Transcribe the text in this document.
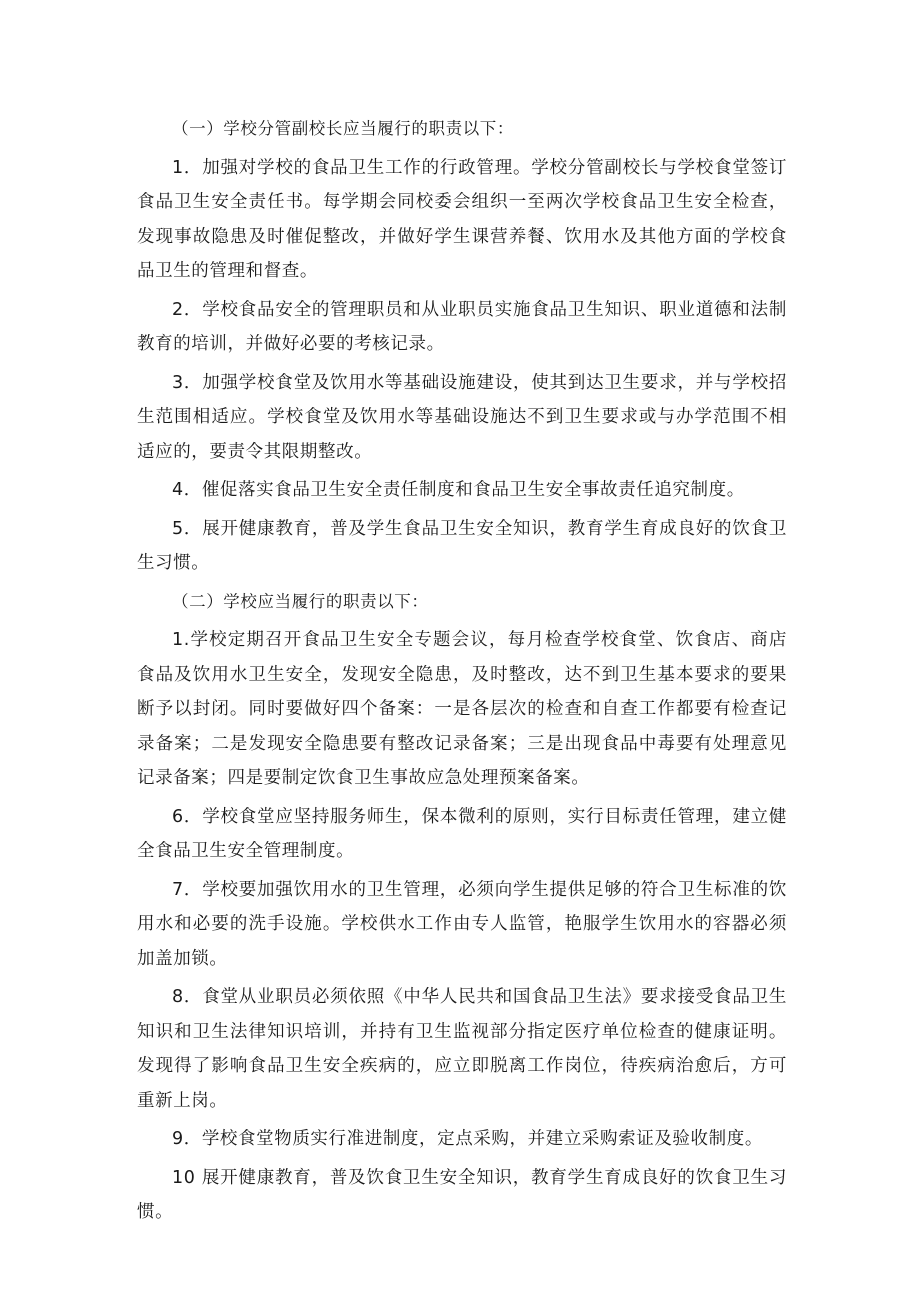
（一）学校分管副校长应当履行的职责以下：

1．加强对学校的食品卫生工作的行政管理。学校分管副校长与学校食堂签订食品卫生安全责任书。每学期会同校委会组织一至两次学校食品卫生安全检查，发现事故隐患及时催促整改，并做好学生课营养餐、饮用水及其他方面的学校食品卫生的管理和督查。

2．学校食品安全的管理职员和从业职员实施食品卫生知识、职业道德和法制教育的培训，并做好必要的考核记录。

3．加强学校食堂及饮用水等基础设施建设，使其到达卫生要求，并与学校招生范围相适应。学校食堂及饮用水等基础设施达不到卫生要求或与办学范围不相适应的，要责令其限期整改。

4．催促落实食品卫生安全责任制度和食品卫生安全事故责任追究制度。

5．展开健康教育，普及学生食品卫生安全知识，教育学生育成良好的饮食卫生习惯。

（二）学校应当履行的职责以下：

1.学校定期召开食品卫生安全专题会议，每月检查学校食堂、饮食店、商店食品及饮用水卫生安全，发现安全隐患，及时整改，达不到卫生基本要求的要果断予以封闭。同时要做好四个备案：一是各层次的检查和自查工作都要有检查记录备案；二是发现安全隐患要有整改记录备案；三是出现食品中毒要有处理意见记录备案；四是要制定饮食卫生事故应急处理预案备案。

6．学校食堂应坚持服务师生，保本微利的原则，实行目标责任管理，建立健全食品卫生安全管理制度。

7．学校要加强饮用水的卫生管理，必须向学生提供足够的符合卫生标准的饮用水和必要的洗手设施。学校供水工作由专人监管，艳服学生饮用水的容器必须加盖加锁。

8．食堂从业职员必须依照《中华人民共和国食品卫生法》要求接受食品卫生知识和卫生法律知识培训，并持有卫生监视部分指定医疗单位检查的健康证明。发现得了影响食品卫生安全疾病的，应立即脱离工作岗位，待疾病治愈后，方可重新上岗。

9．学校食堂物质实行准进制度，定点采购，并建立采购索证及验收制度。

10 展开健康教育，普及饮食卫生安全知识，教育学生育成良好的饮食卫生习惯。
